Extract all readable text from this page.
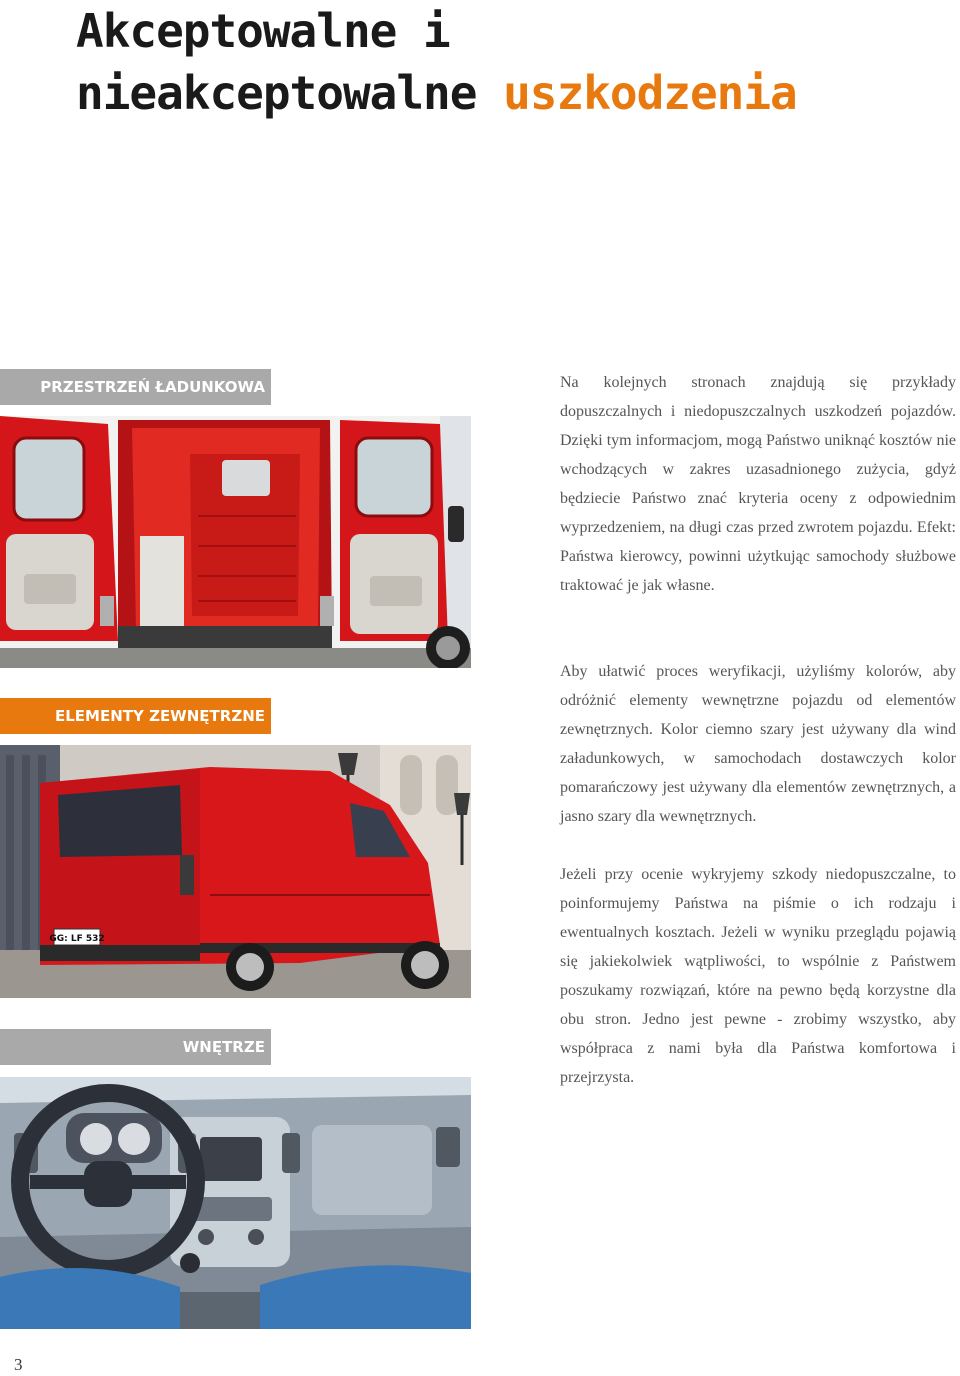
Akceptowalne i
nieakceptowalne uszkodzenia
PRZESTRZEŃ ŁADUNKOWA
ELEMENTY ZEWNĘTRZNE
GG: LF 532
WNĘTRZE

Na kolejnych stronach znajdują się przykłady dopuszczalnych i niedopuszczalnych uszkodzeń pojazdów. Dzięki tym informacjom, mogą Państwo uniknąć kosztów nie wchodzących w zakres uzasadnionego zużycia, gdyż będziecie Państwo znać kryteria oceny z odpowiednim wyprzedzeniem, na długi czas przed zwrotem pojazdu. Efekt: Państwa kierowcy, powinni użytkując samochody służbowe traktować je jak własne.

Aby ułatwić proces weryfikacji, użyliśmy kolorów, aby odróżnić elementy wewnętrzne pojazdu od elementów zewnętrznych. Kolor ciemno szary jest używany dla wind załadunkowych, w samochodach dostawczych kolor pomarańczowy jest używany dla elementów zewnętrznych, a jasno szary dla wewnętrznych.

Jeżeli przy ocenie wykryjemy szkody niedopuszczalne, to poinformujemy Państwa na piśmie o ich rodzaju i ewentualnych kosztach. Jeżeli w wyniku przeglądu pojawią się jakiekolwiek wątpliwości, to wspólnie z Państwem poszukamy rozwiązań, które na pewno będą korzystne dla obu stron. Jedno jest pewne - zrobimy wszystko, aby współpraca z nami była dla Państwa komfortowa i przejrzysta.

3
